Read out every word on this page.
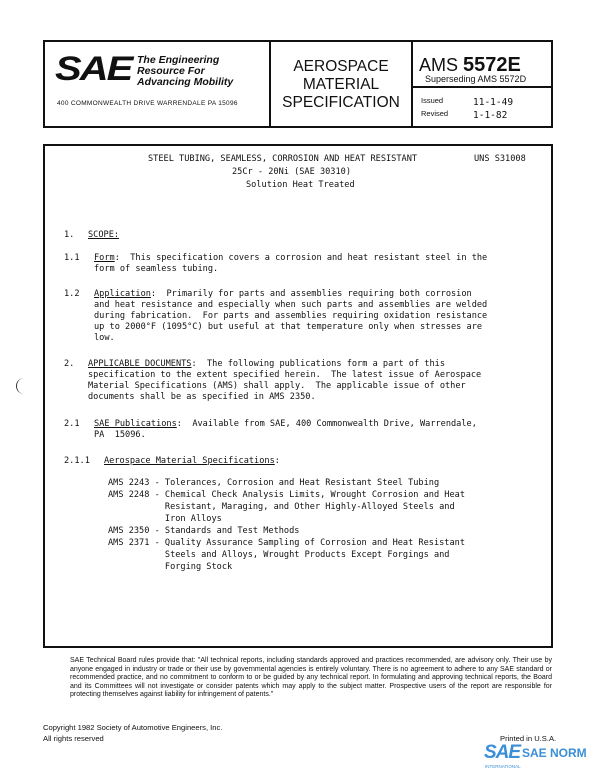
SAE The Engineering
Resource For
Advancing Mobility
400 COMMONWEALTH DRIVE WARRENDALE PA 15096
AEROSPACE
MATERIAL
SPECIFICATION
AMS 5572E
Superseding AMS 5572D
Issued	11-1-49
Revised	1-1-82
STEEL TUBING, SEAMLESS, CORROSION AND HEAT RESISTANT	UNS S31008
25Cr - 20Ni (SAE 30310)
Solution Heat Treated
1. SCOPE:
1.1 Form:  This specification covers a corrosion and heat resistant steel in the
form of seamless tubing.
1.2 Application:  Primarily for parts and assemblies requiring both corrosion
and heat resistance and especially when such parts and assemblies are welded
during fabrication.  For parts and assemblies requiring oxidation resistance
up to 2000°F (1095°C) but useful at that temperature only when stresses are
low.
2. APPLICABLE DOCUMENTS:  The following publications form a part of this
specification to the extent specified herein.  The latest issue of Aerospace
Material Specifications (AMS) shall apply.  The applicable issue of other
documents shall be as specified in AMS 2350.
2.1 SAE Publications:  Available from SAE, 400 Commonwealth Drive, Warrendale,
PA  15096.
2.1.1 Aerospace Material Specifications:
AMS 2243 - Tolerances, Corrosion and Heat Resistant Steel Tubing
AMS 2248 - Chemical Check Analysis Limits, Wrought Corrosion and Heat
Resistant, Maraging, and Other Highly-Alloyed Steels and
Iron Alloys
AMS 2350 - Standards and Test Methods
AMS 2371 - Quality Assurance Sampling of Corrosion and Heat Resistant
Steels and Alloys, Wrought Products Except Forgings and
Forging Stock
SAE Technical Board rules provide that: "All technical reports, including standards approved and practices recommended, are advisory only. Their use by anyone engaged in industry or trade or their use by governmental agencies is entirely voluntary. There is no agreement to adhere to any SAE standard or recommended practice, and no commitment to conform to or be guided by any technical report. In formulating and approving technical reports, the Board and its Committees will not investigate or consider patents which may apply to the subject matter. Prospective users of the report are responsible for protecting themselves against liability for infringement of patents."
Copyright 1982 Society of Automotive Engineers, Inc.
All rights reserved	Printed in U.S.A.
SAE SAE NORM
INTERNATIONAL
